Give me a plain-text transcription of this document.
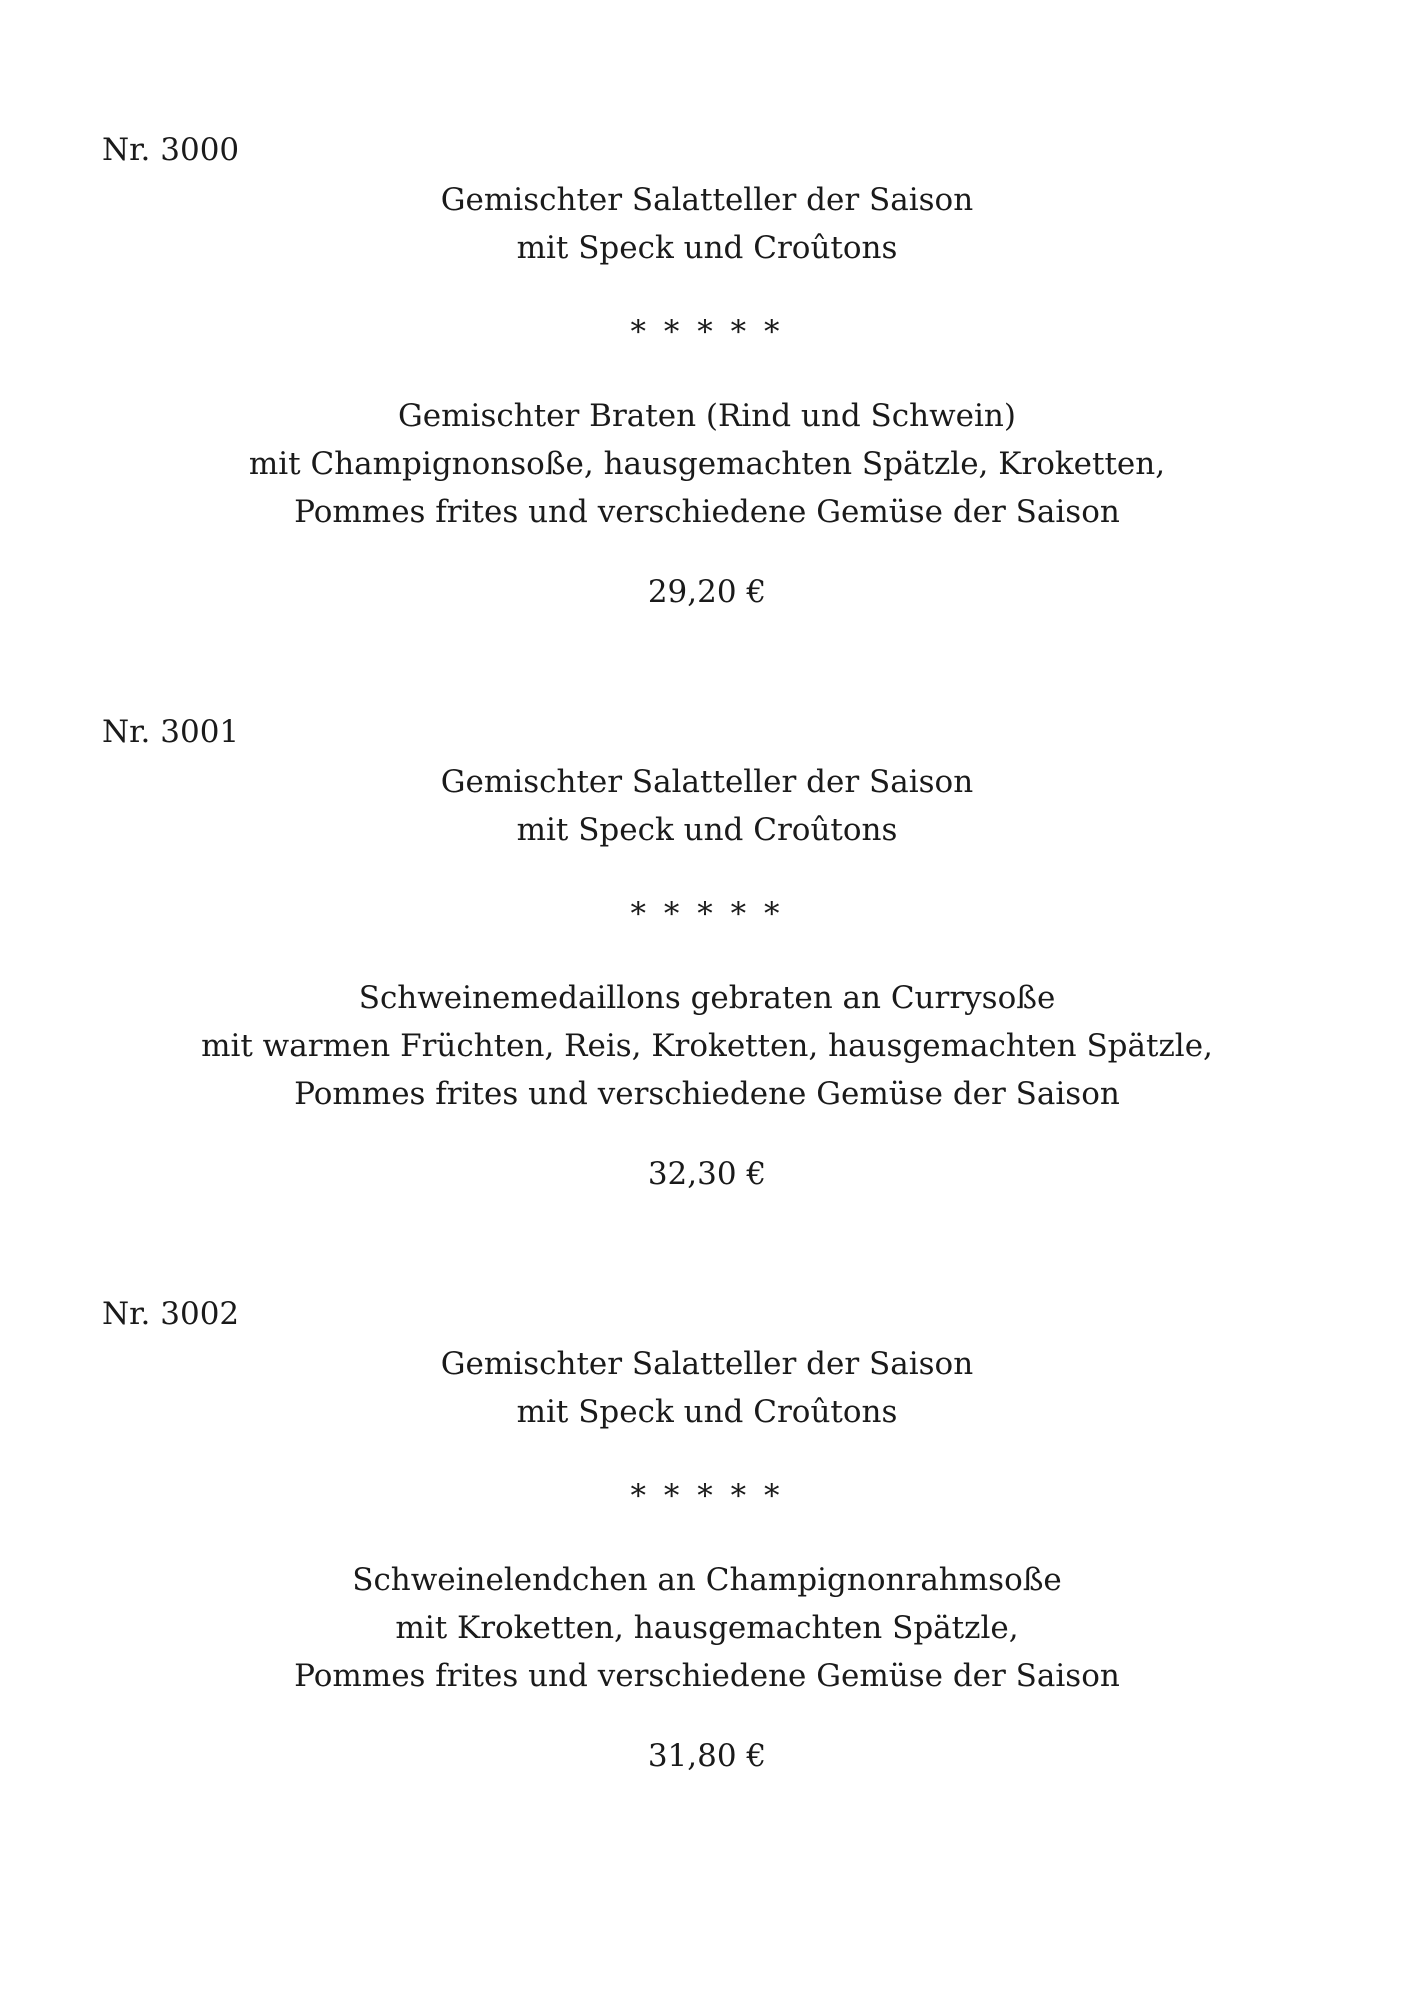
Nr. 3000
Gemischter Salatteller der Saison
mit Speck und Croûtons
* * * * *
Gemischter Braten (Rind und Schwein)
mit Champignonsoße, hausgemachten Spätzle, Kroketten,
Pommes frites und verschiedene Gemüse der Saison
29,20 €
Nr. 3001
Gemischter Salatteller der Saison
mit Speck und Croûtons
* * * * *
Schweinemedaillons gebraten an Currysoße
mit warmen Früchten, Reis, Kroketten, hausgemachten Spätzle,
Pommes frites und verschiedene Gemüse der Saison
32,30 €
Nr. 3002
Gemischter Salatteller der Saison
mit Speck und Croûtons
* * * * *
Schweinelendchen an Champignonrahmsoße
mit Kroketten, hausgemachten Spätzle,
Pommes frites und verschiedene Gemüse der Saison
31,80 €
